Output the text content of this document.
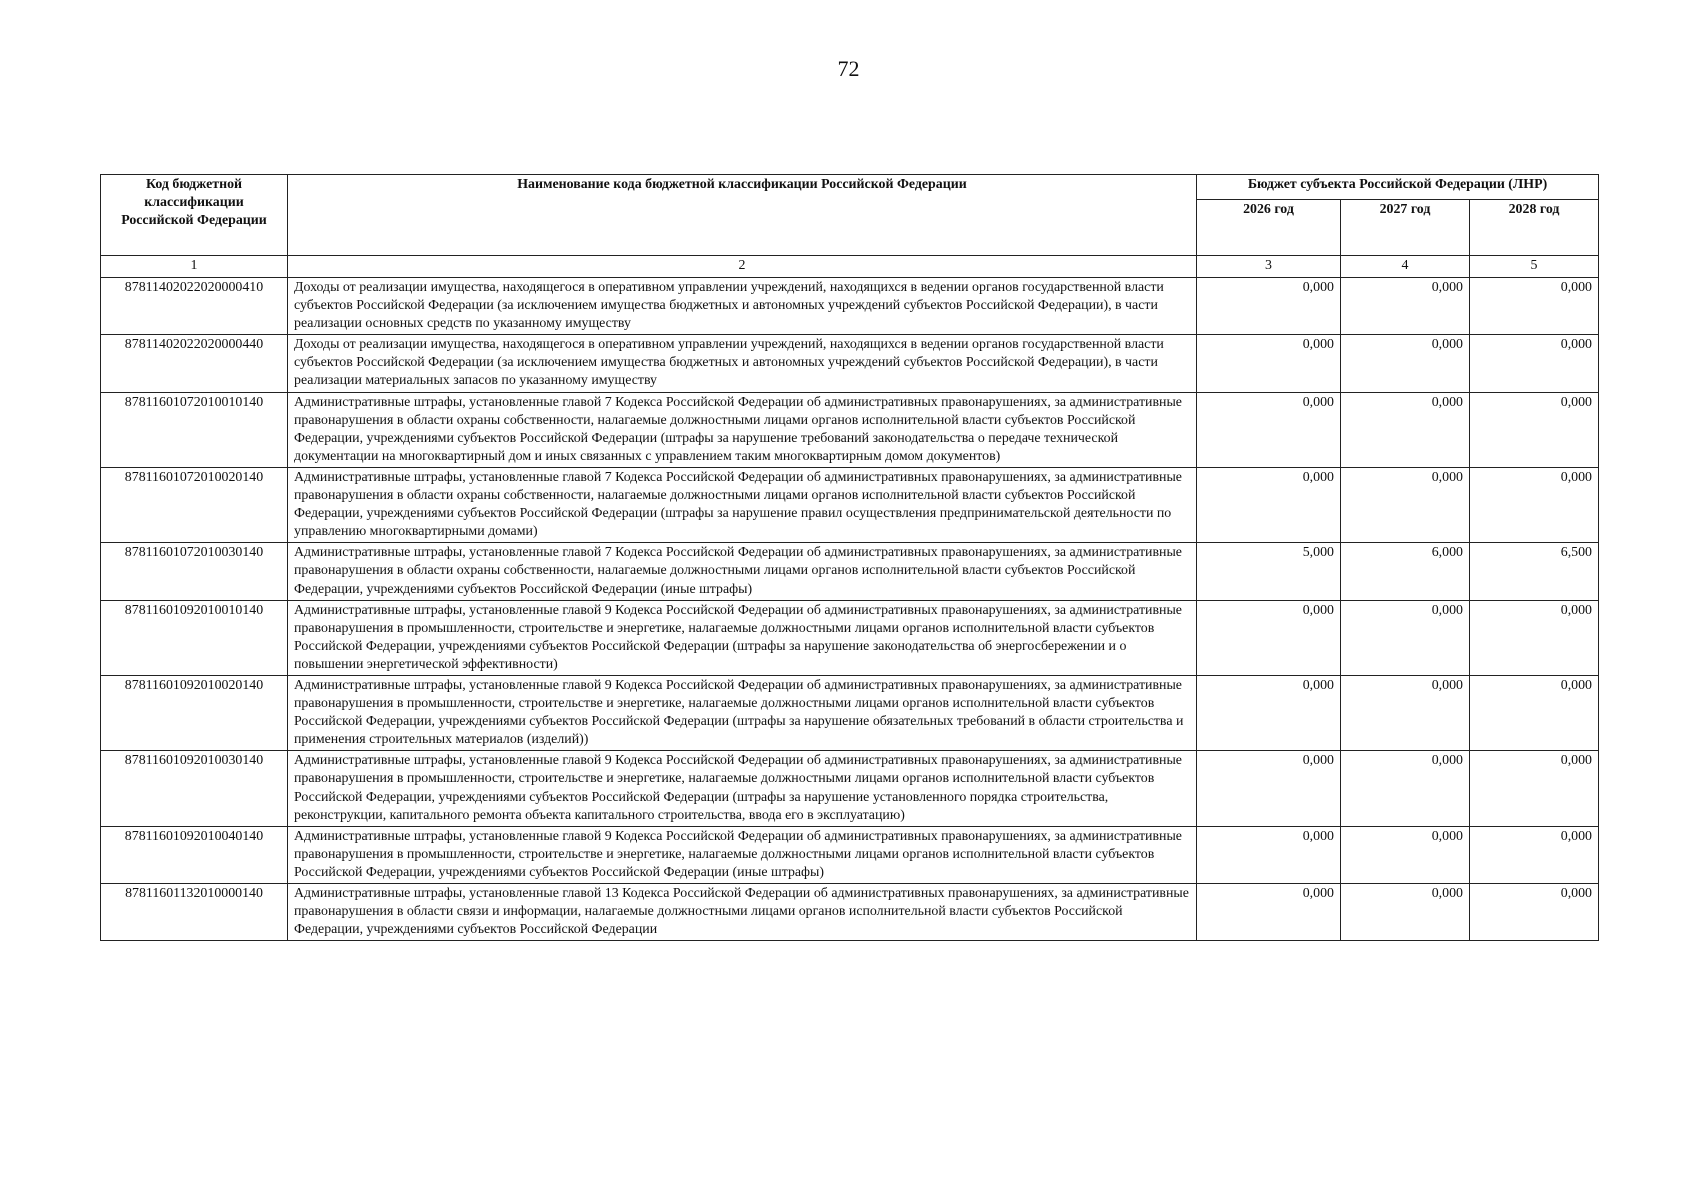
72
Код бюджетной классификации Российской Федерации	Наименование кода бюджетной классификации Российской Федерации	Бюджет субъекта Российской Федерации (ЛНР)		
		2026 год	2027 год	2028 год
1	2	3	4	5
87811402022020000410	Доходы от реализации имущества, находящегося в оперативном управлении учреждений, находящихся в ведении органов государственной власти субъектов Российской Федерации (за исключением имущества бюджетных и автономных учреждений субъектов Российской Федерации), в части реализации основных средств по указанному имуществу	0,000	0,000	0,000
87811402022020000440	Доходы от реализации имущества, находящегося в оперативном управлении учреждений, находящихся в ведении органов государственной власти субъектов Российской Федерации (за исключением имущества бюджетных и автономных учреждений субъектов Российской Федерации), в части реализации материальных запасов по указанному имуществу	0,000	0,000	0,000
87811601072010010140	Административные штрафы, установленные главой 7 Кодекса Российской Федерации об административных правонарушениях, за административные правонарушения в области охраны собственности, налагаемые должностными лицами органов исполнительной власти субъектов Российской Федерации, учреждениями субъектов Российской Федерации (штрафы за нарушение требований законодательства о передаче технической документации на многоквартирный дом и иных связанных с управлением таким многоквартирным домом документов)	0,000	0,000	0,000
87811601072010020140	Административные штрафы, установленные главой 7 Кодекса Российской Федерации об административных правонарушениях, за административные правонарушения в области охраны собственности, налагаемые должностными лицами органов исполнительной власти субъектов Российской Федерации, учреждениями субъектов Российской Федерации (штрафы за нарушение правил осуществления предпринимательской деятельности по управлению многоквартирными домами)	0,000	0,000	0,000
87811601072010030140	Административные штрафы, установленные главой 7 Кодекса Российской Федерации об административных правонарушениях, за административные правонарушения в области охраны собственности, налагаемые должностными лицами органов исполнительной власти субъектов Российской Федерации, учреждениями субъектов Российской Федерации (иные штрафы)	5,000	6,000	6,500
87811601092010010140	Административные штрафы, установленные главой 9 Кодекса Российской Федерации об административных правонарушениях, за административные правонарушения в промышленности, строительстве и энергетике, налагаемые должностными лицами органов исполнительной власти субъектов Российской Федерации, учреждениями субъектов Российской Федерации (штрафы за нарушение законодательства об энергосбережении и о повышении энергетической эффективности)	0,000	0,000	0,000
87811601092010020140	Административные штрафы, установленные главой 9 Кодекса Российской Федерации об административных правонарушениях, за административные правонарушения в промышленности, строительстве и энергетике, налагаемые должностными лицами органов исполнительной власти субъектов Российской Федерации, учреждениями субъектов Российской Федерации (штрафы за нарушение обязательных требований в области строительства и применения строительных материалов (изделий))	0,000	0,000	0,000
87811601092010030140	Административные штрафы, установленные главой 9 Кодекса Российской Федерации об административных правонарушениях, за административные правонарушения в промышленности, строительстве и энергетике, налагаемые должностными лицами органов исполнительной власти субъектов Российской Федерации, учреждениями субъектов Российской Федерации (штрафы за нарушение установленного порядка строительства, реконструкции, капитального ремонта объекта капитального строительства, ввода его в эксплуатацию)	0,000	0,000	0,000
87811601092010040140	Административные штрафы, установленные главой 9 Кодекса Российской Федерации об административных правонарушениях, за административные правонарушения в промышленности, строительстве и энергетике, налагаемые должностными лицами органов исполнительной власти субъектов Российской Федерации, учреждениями субъектов Российской Федерации (иные штрафы)	0,000	0,000	0,000
87811601132010000140	Административные штрафы, установленные главой 13 Кодекса Российской Федерации об административных правонарушениях, за административные правонарушения в области связи и информации, налагаемые должностными лицами органов исполнительной власти субъектов Российской Федерации, учреждениями субъектов Российской Федерации	0,000	0,000	0,000
